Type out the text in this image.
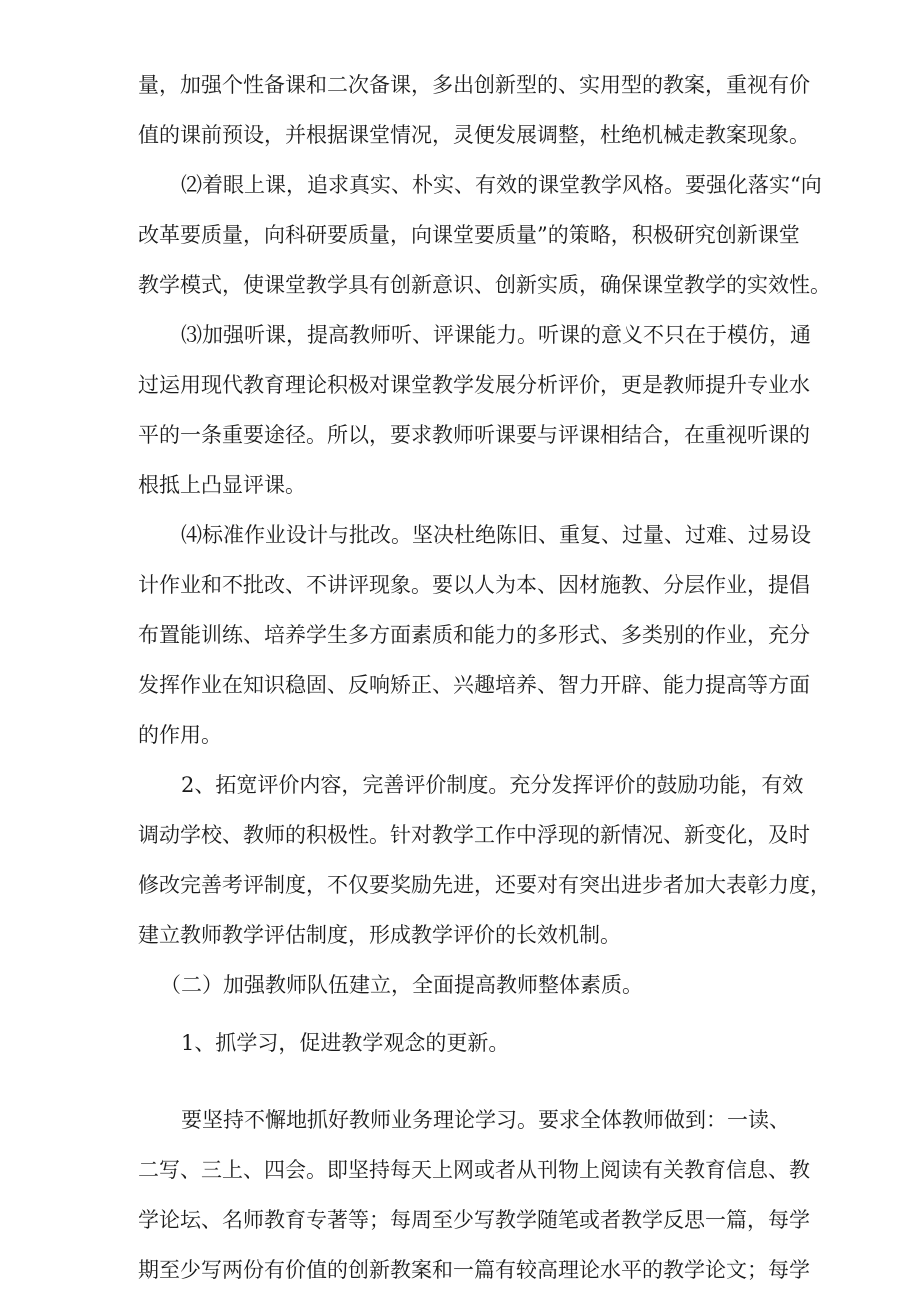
量，加强个性备课和二次备课，多出创新型的、实用型的教案，重视有价
值的课前预设，并根据课堂情况，灵便发展调整，杜绝机械走教案现象。
⑵着眼上课，追求真实、朴实、有效的课堂教学风格。要强化落实“向
改革要质量，向科研要质量，向课堂要质量”的策略，积极研究创新课堂
教学模式，使课堂教学具有创新意识、创新实质，确保课堂教学的实效性。
⑶加强听课，提高教师听、评课能力。听课的意义不只在于模仿，通
过运用现代教育理论积极对课堂教学发展分析评价，更是教师提升专业水
平的一条重要途径。所以，要求教师听课要与评课相结合，在重视听课的
根抵上凸显评课。
⑷标准作业设计与批改。坚决杜绝陈旧、重复、过量、过难、过易设
计作业和不批改、不讲评现象。要以人为本、因材施教、分层作业，提倡
布置能训练、培养学生多方面素质和能力的多形式、多类别的作业，充分
发挥作业在知识稳固、反响矫正、兴趣培养、智力开辟、能力提高等方面
的作用。
2、拓宽评价内容，完善评价制度。充分发挥评价的鼓励功能，有效
调动学校、教师的积极性。针对教学工作中浮现的新情况、新变化，及时
修改完善考评制度，不仅要奖励先进，还要对有突出进步者加大表彰力度，
建立教师教学评估制度，形成教学评价的长效机制。
（二）加强教师队伍建立，全面提高教师整体素质。
1、抓学习，促进教学观念的更新。
要坚持不懈地抓好教师业务理论学习。要求全体教师做到：一读、
二写、三上、四会。即坚持每天上网或者从刊物上阅读有关教育信息、教
学论坛、名师教育专著等；每周至少写教学随笔或者教学反思一篇，每学
期至少写两份有价值的创新教案和一篇有较高理论水平的教学论文；每学
